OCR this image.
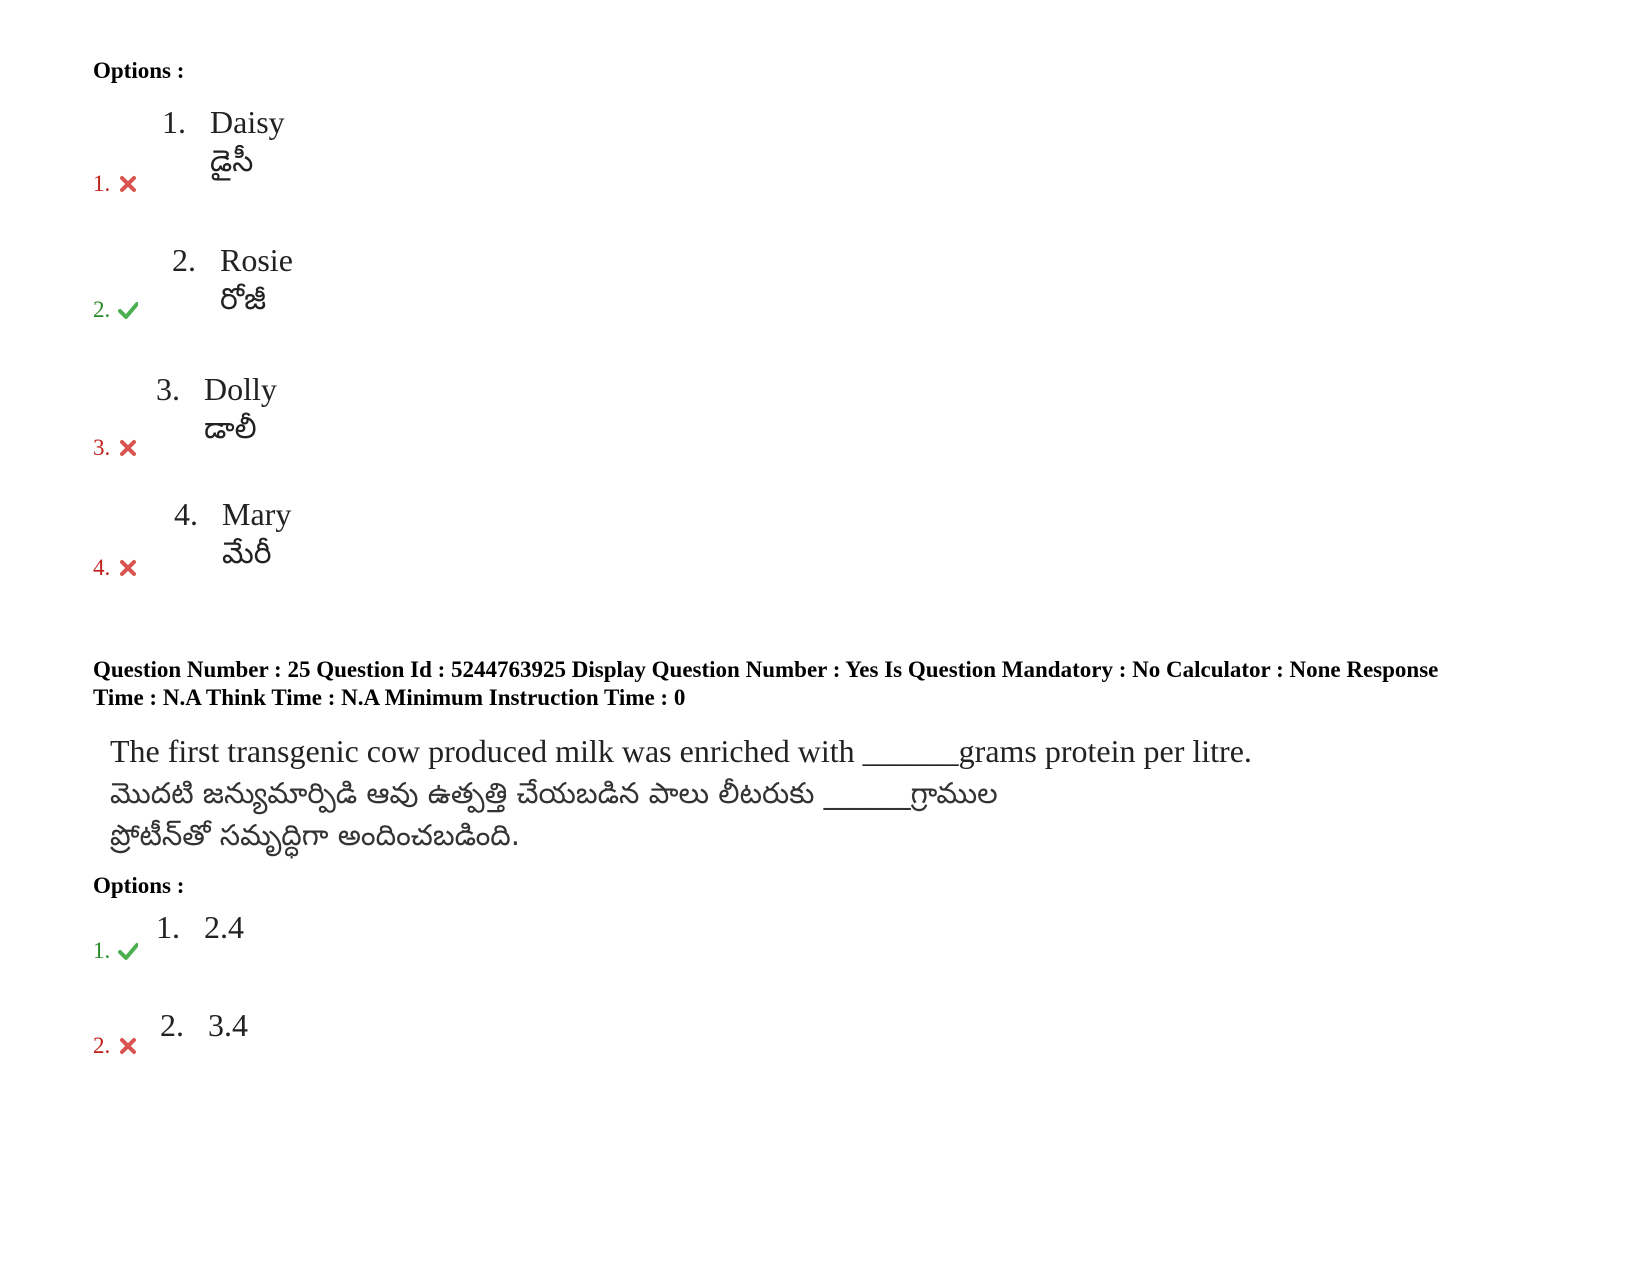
Options :
1. Daisy
డైసీ
1.
2. Rosie
రోజీ
2.
3. Dolly
డాలీ
3.
4. Mary
మేరీ
4.
Question Number : 25 Question Id : 5244763925 Display Question Number : Yes Is Question Mandatory : No Calculator : None Response
Time : N.A Think Time : N.A Minimum Instruction Time : 0
The first transgenic cow produced milk was enriched with ______grams protein per litre.
మొదటి జన్యుమార్పిడి ఆవు ఉత్పత్తి చేయబడిన పాలు లీటరుకు ______గ్రాముల
ప్రోటీన్‌తో సమృద్ధిగా అందించబడింది.
Options :
1. 2.4
1.
2. 3.4
2.
